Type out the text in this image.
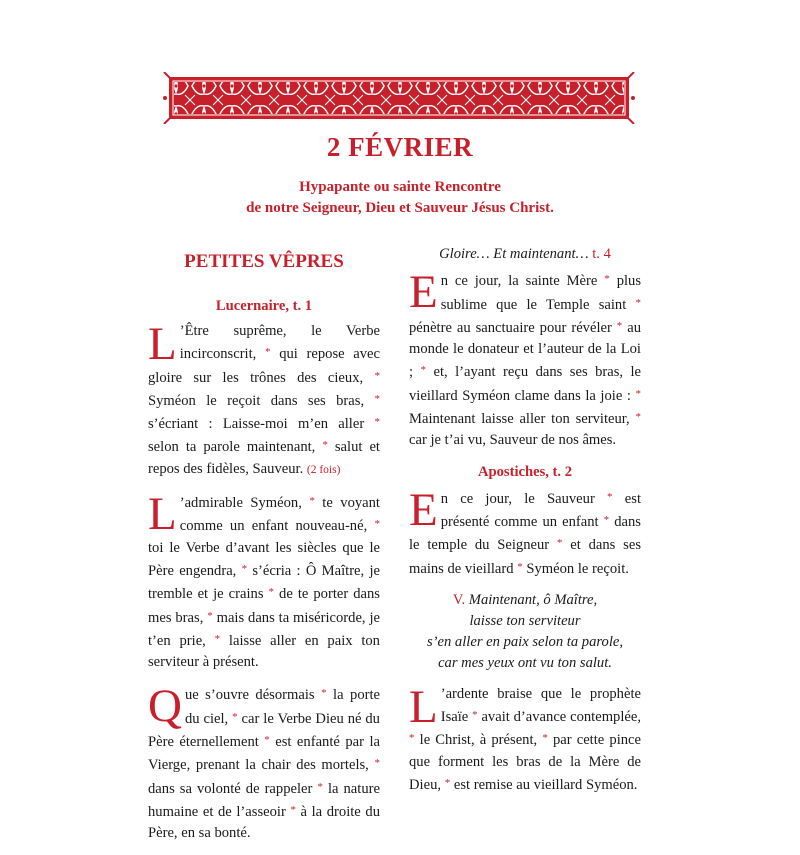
2 FÉVRIER
Hypapante ou sainte Rencontre
de notre Seigneur, Dieu et Sauveur Jésus Christ.
PETITES VÊPRES
Lucernaire, t. 1

L ’Être suprême, le Verbe incirconscrit, * qui repose avec gloire sur les trônes des cieux, * Syméon le reçoit dans ses bras, * s’écriant : Laisse-moi m’en aller * selon ta parole maintenant, * salut et repos des fidèles, Sauveur. (2 fois)

L ’admirable Syméon, * te voyant comme un enfant nouveau-né, * toi le Verbe d’avant les siècles que le Père engendra, * s’écria : Ô Maître, je tremble et je crains * de te porter dans mes bras, * mais dans ta miséricorde, je t’en prie, * laisse aller en paix ton serviteur à présent.

Que s’ouvre désormais * la porte du ciel, * car le Verbe Dieu né du Père éternellement * est enfanté par la Vierge, prenant la chair des mortels, * dans sa volonté de rappeler * la nature humaine et de l’asseoir * à la droite du Père, en sa bonté.

Gloire… Et maintenant… t. 4

En ce jour, la sainte Mère * plus sublime que le Temple saint * pénètre au sanctuaire pour révéler * au monde le donateur et l’auteur de la Loi ; * et, l’ayant reçu dans ses bras, le vieillard Syméon clame dans la joie : * Maintenant laisse aller ton serviteur, * car je t’ai vu, Sauveur de nos âmes.

Apostiches, t. 2

En ce jour, le Sauveur * est présenté comme un enfant * dans le temple du Seigneur * et dans ses mains de vieillard * Syméon le reçoit.

V. Maintenant, ô Maître,
laisse ton serviteur
s’en aller en paix selon ta parole,
car mes yeux ont vu ton salut.

L ’ardente braise que le prophète Isaïe * avait d’avance contemplée, * le Christ, à présent, * par cette pince que forment les bras de la Mère de Dieu, * est remise au vieillard Syméon.
